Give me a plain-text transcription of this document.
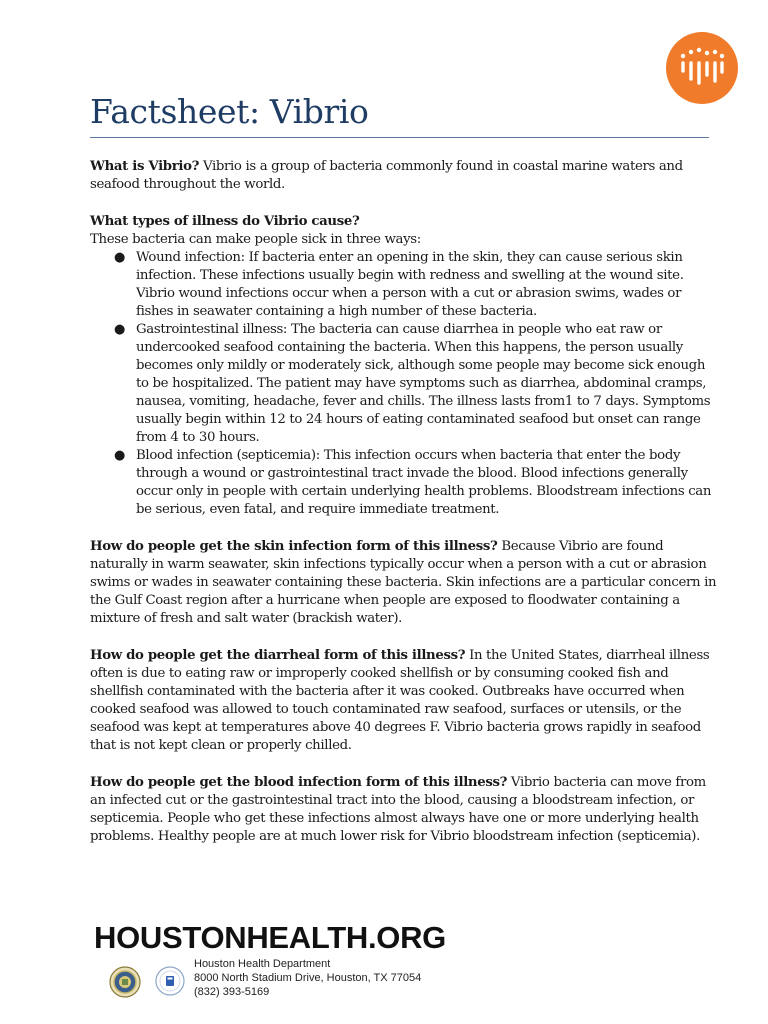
Factsheet: Vibrio

What is Vibrio? Vibrio is a group of bacteria commonly found in coastal marine waters and seafood throughout the world.

What types of illness do Vibrio cause?

These bacteria can make people sick in three ways:

● Wound infection: If bacteria enter an opening in the skin, they can cause serious skin infection. These infections usually begin with redness and swelling at the wound site. Vibrio wound infections occur when a person with a cut or abrasion swims, wades or fishes in seawater containing a high number of these bacteria.
● Gastrointestinal illness: The bacteria can cause diarrhea in people who eat raw or undercooked seafood containing the bacteria. When this happens, the person usually becomes only mildly or moderately sick, although some people may become sick enough to be hospitalized. The patient may have symptoms such as diarrhea, abdominal cramps, nausea, vomiting, headache, fever and chills. The illness lasts from1 to 7 days. Symptoms usually begin within 12 to 24 hours of eating contaminated seafood but onset can range from 4 to 30 hours.
● Blood infection (septicemia): This infection occurs when bacteria that enter the body through a wound or gastrointestinal tract invade the blood. Blood infections generally occur only in people with certain underlying health problems. Bloodstream infections can be serious, even fatal, and require immediate treatment.

How do people get the skin infection form of this illness? Because Vibrio are found naturally in warm seawater, skin infections typically occur when a person with a cut or abrasion swims or wades in seawater containing these bacteria. Skin infections are a particular concern in the Gulf Coast region after a hurricane when people are exposed to floodwater containing a mixture of fresh and salt water (brackish water).

How do people get the diarrheal form of this illness? In the United States, diarrheal illness often is due to eating raw or improperly cooked shellfish or by consuming cooked fish and shellfish contaminated with the bacteria after it was cooked. Outbreaks have occurred when cooked seafood was allowed to touch contaminated raw seafood, surfaces or utensils, or the seafood was kept at temperatures above 40 degrees F. Vibrio bacteria grows rapidly in seafood that is not kept clean or properly chilled.

How do people get the blood infection form of this illness? Vibrio bacteria can move from an infected cut or the gastrointestinal tract into the blood, causing a bloodstream infection, or septicemia. People who get these infections almost always have one or more underlying health problems. Healthy people are at much lower risk for Vibrio bloodstream infection (septicemia).

HOUSTONHEALTH.ORG
Houston Health Department
8000 North Stadium Drive, Houston, TX 77054
(832) 393-5169
